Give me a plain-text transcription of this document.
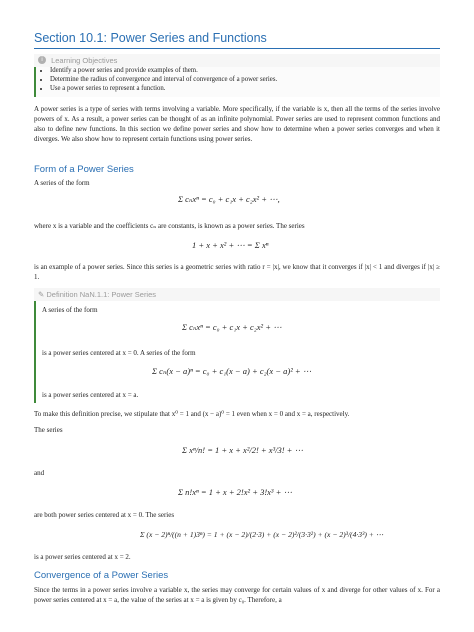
Section 10.1: Power Series and Functions
i Learning Objectives
• Identify a power series and provide examples of them.
• Determine the radius of convergence and interval of convergence of a power series.
• Use a power series to represent a function.
A power series is a type of series with terms involving a variable. More specifically, if the variable is x, then all the terms of the series involve powers of x. As a result, a power series can be thought of as an infinite polynomial. Power series are used to represent common functions and also to define new functions. In this section we define power series and show how to determine when a power series converges and when it diverges. We also show how to represent certain functions using power series.
Form of a Power Series
A series of the form
Σ cₙxⁿ = c₀ + c₁x + c₂x² + ⋯,
where x is a variable and the coefficients cₙ are constants, is known as a power series. The series
1 + x + x² + ⋯ = Σ xⁿ
is an example of a power series. Since this series is a geometric series with ratio r = |x|, we know that it converges if |x| < 1 and diverges if |x| ≥ 1.
✎ Definition NaN.1.1: Power Series
A series of the form
Σ cₙxⁿ = c₀ + c₁x + c₂x² + ⋯
is a power series centered at x = 0. A series of the form
Σ cₙ(x − a)ⁿ = c₀ + c₁(x − a) + c₂(x − a)² + ⋯
is a power series centered at x = a.
To make this definition precise, we stipulate that x⁰ = 1 and (x − a)⁰ = 1 even when x = 0 and x = a, respectively.
The series
Σ xⁿ/n! = 1 + x + x²/2! + x³/3! + ⋯
and
Σ n!xⁿ = 1 + x + 2!x² + 3!x³ + ⋯
are both power series centered at x = 0. The series
Σ (x − 2)ⁿ/((n + 1)3ⁿ) = 1 + (x − 2)/(2·3) + (x − 2)²/(3·3²) + (x − 2)³/(4·3³) + ⋯
is a power series centered at x = 2.
Convergence of a Power Series
Since the terms in a power series involve a variable x, the series may converge for certain values of x and diverge for other values of x. For a power series centered at x = a, the value of the series at x = a is given by c₀. Therefore, a
